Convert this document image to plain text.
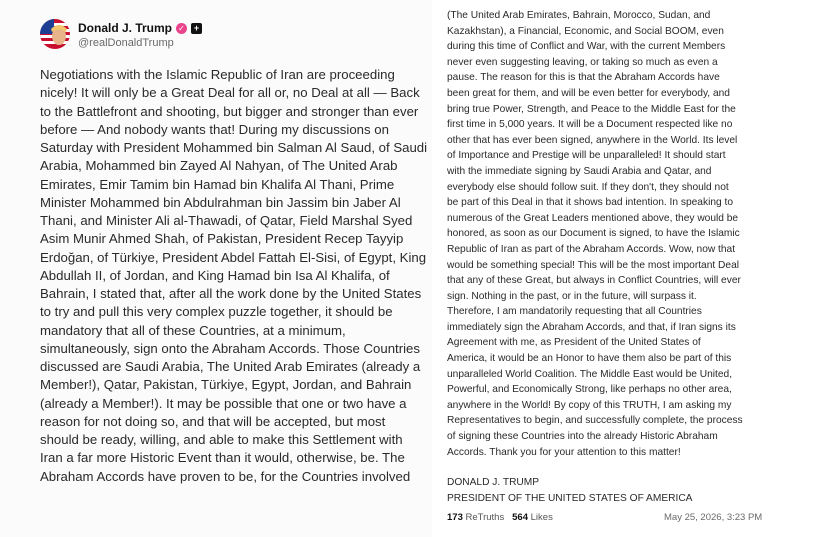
Donald J. Trump ✓	+
@realDonaldTrump
Negotiations with the Islamic Republic of Iran are proceeding
nicely! It will only be a Great Deal for all or, no Deal at all — Back
to the Battlefront and shooting, but bigger and stronger than ever
before — And nobody wants that! During my discussions on
Saturday with President Mohammed bin Salman Al Saud, of Saudi
Arabia, Mohammed bin Zayed Al Nahyan, of The United Arab
Emirates, Emir Tamim bin Hamad bin Khalifa Al Thani, Prime
Minister Mohammed bin Abdulrahman bin Jassim bin Jaber Al
Thani, and Minister Ali al-Thawadi, of Qatar, Field Marshal Syed
Asim Munir Ahmed Shah, of Pakistan, President Recep Tayyip
Erdoğan, of Türkiye, President Abdel Fattah El-Sisi, of Egypt, King
Abdullah II, of Jordan, and King Hamad bin Isa Al Khalifa, of
Bahrain, I stated that, after all the work done by the United States
to try and pull this very complex puzzle together, it should be
mandatory that all of these Countries, at a minimum,
simultaneously, sign onto the Abraham Accords. Those Countries
discussed are Saudi Arabia, The United Arab Emirates (already a
Member!), Qatar, Pakistan, Türkiye, Egypt, Jordan, and Bahrain
(already a Member!). It may be possible that one or two have a
reason for not doing so, and that will be accepted, but most
should be ready, willing, and able to make this Settlement with
Iran a far more Historic Event than it would, otherwise, be. The
Abraham Accords have proven to be, for the Countries involved
(The United Arab Emirates, Bahrain, Morocco, Sudan, and
Kazakhstan), a Financial, Economic, and Social BOOM, even
during this time of Conflict and War, with the current Members
never even suggesting leaving, or taking so much as even a
pause. The reason for this is that the Abraham Accords have
been great for them, and will be even better for everybody, and
bring true Power, Strength, and Peace to the Middle East for the
first time in 5,000 years. It will be a Document respected like no
other that has ever been signed, anywhere in the World. Its level
of Importance and Prestige will be unparalleled! It should start
with the immediate signing by Saudi Arabia and Qatar, and
everybody else should follow suit. If they don't, they should not
be part of this Deal in that it shows bad intention. In speaking to
numerous of the Great Leaders mentioned above, they would be
honored, as soon as our Document is signed, to have the Islamic
Republic of Iran as part of the Abraham Accords. Wow, now that
would be something special! This will be the most important Deal
that any of these Great, but always in Conflict Countries, will ever
sign. Nothing in the past, or in the future, will surpass it.
Therefore, I am mandatorily requesting that all Countries
immediately sign the Abraham Accords, and that, if Iran signs its
Agreement with me, as President of the United States of
America, it would be an Honor to have them also be part of this
unparalleled World Coalition. The Middle East would be United,
Powerful, and Economically Strong, like perhaps no other area,
anywhere in the World! By copy of this TRUTH, I am asking my
Representatives to begin, and successfully complete, the process
of signing these Countries into the already Historic Abraham
Accords. Thank you for your attention to this matter!
DONALD J. TRUMP
PRESIDENT OF THE UNITED STATES OF AMERICA
173 ReTruths 564 Likes	May 25, 2026, 3:23 PM
